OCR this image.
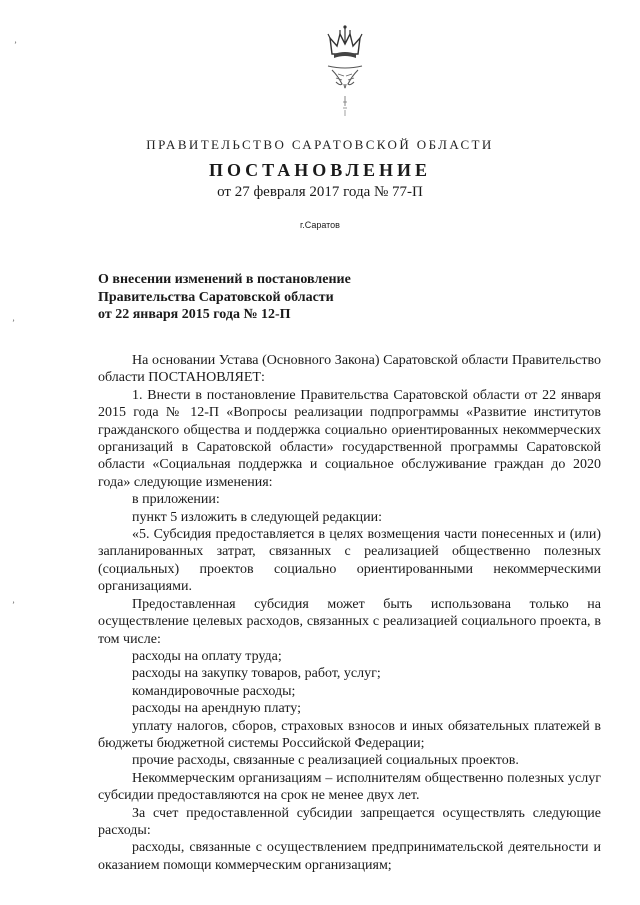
ПРАВИТЕЛЬСТВО САРАТОВСКОЙ ОБЛАСТИ
ПОСТАНОВЛЕНИЕ
от 27 февраля 2017 года № 77-П
г.Саратов
О внесении изменений в постановление
Правительства Саратовской области
от 22 января 2015 года № 12-П

На основании Устава (Основного Закона) Саратовской области Правительство области ПОСТАНОВЛЯЕТ:

1. Внести в постановление Правительства Саратовской области от 22 января 2015 года № 12-П «Вопросы реализации подпрограммы «Развитие институтов гражданского общества и поддержка социально ориентированных некоммерческих организаций в Саратовской области» государственной программы Саратовской области «Социальная поддержка и социальное обслуживание граждан до 2020 года» следующие изменения:

в приложении:

пункт 5 изложить в следующей редакции:

«5. Субсидия предоставляется в целях возмещения части понесенных и (или) запланированных затрат, связанных с реализацией общественно полезных (социальных) проектов социально ориентированными некоммерческими организациями.

Предоставленная субсидия может быть использована только на осуществление целевых расходов, связанных с реализацией социального проекта, в том числе:

расходы на оплату труда;

расходы на закупку товаров, работ, услуг;

командировочные расходы;

расходы на арендную плату;

уплату налогов, сборов, страховых взносов и иных обязательных платежей в бюджеты бюджетной системы Российской Федерации;

прочие расходы, связанные с реализацией социальных проектов.

Некоммерческим организациям – исполнителям общественно полезных услуг субсидии предоставляются на срок не менее двух лет.

За счет предоставленной субсидии запрещается осуществлять следующие расходы:

расходы, связанные с осуществлением предпринимательской деятельности и оказанием помощи коммерческим организациям;

ʼ
ʼ
ʼ
